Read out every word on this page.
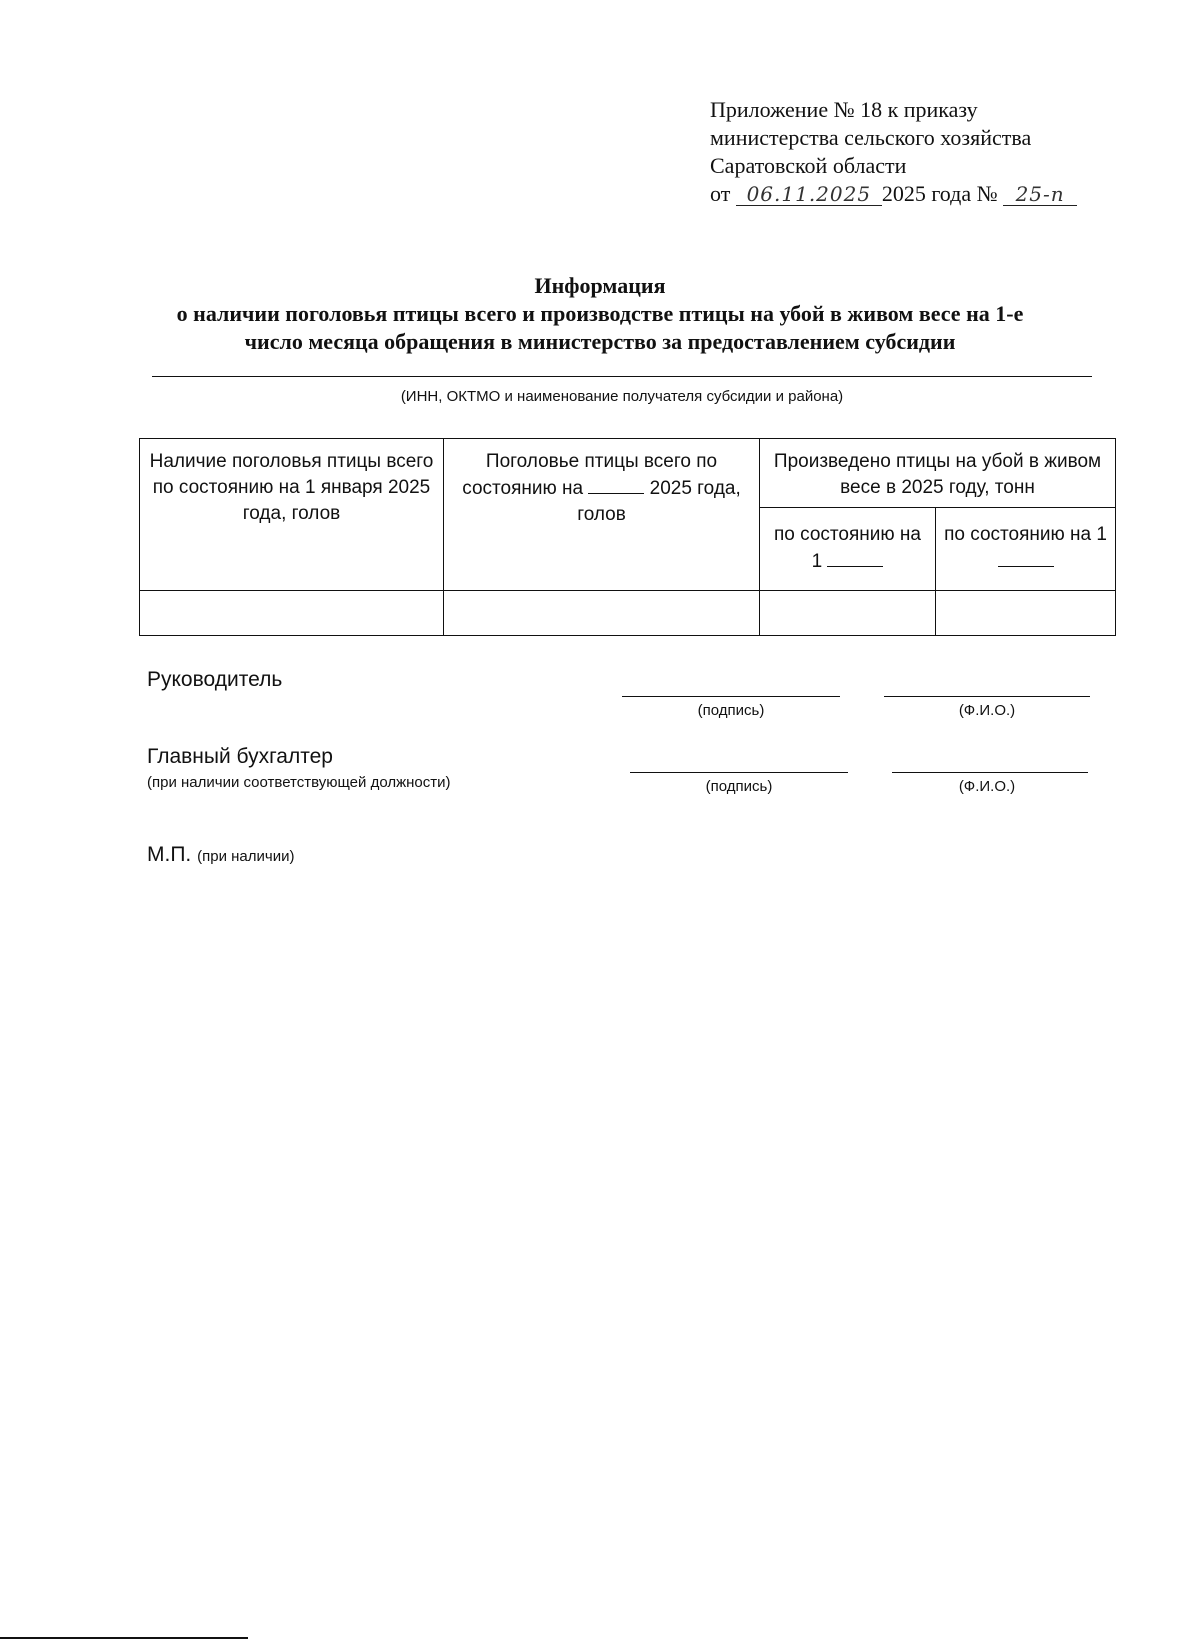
Приложение № 18 к приказу
министерства сельского хозяйства
Саратовской области
от 06.11.2025 2025 года № 25-п
Информация
о наличии поголовья птицы всего и производстве птицы на убой в живом весе на 1-е
число месяца обращения в министерство за предоставлением субсидии
(ИНН, ОКТМО и наименование получателя субсидии и района)
Наличие поголовья птицы всего по состоянию на 1 января 2025 года, голов	Поголовье птицы всего по состоянию на 2025 года, голов	Произведено птицы на убой в живом весе в 2025 году, тонн	
		по состоянию на 1	по состоянию на 1

Руководитель
(подпись)	(Ф.И.О.)
Главный бухгалтер
(при наличии соответствующей должности)	(подпись)	(Ф.И.О.)
М.П. (при наличии)
